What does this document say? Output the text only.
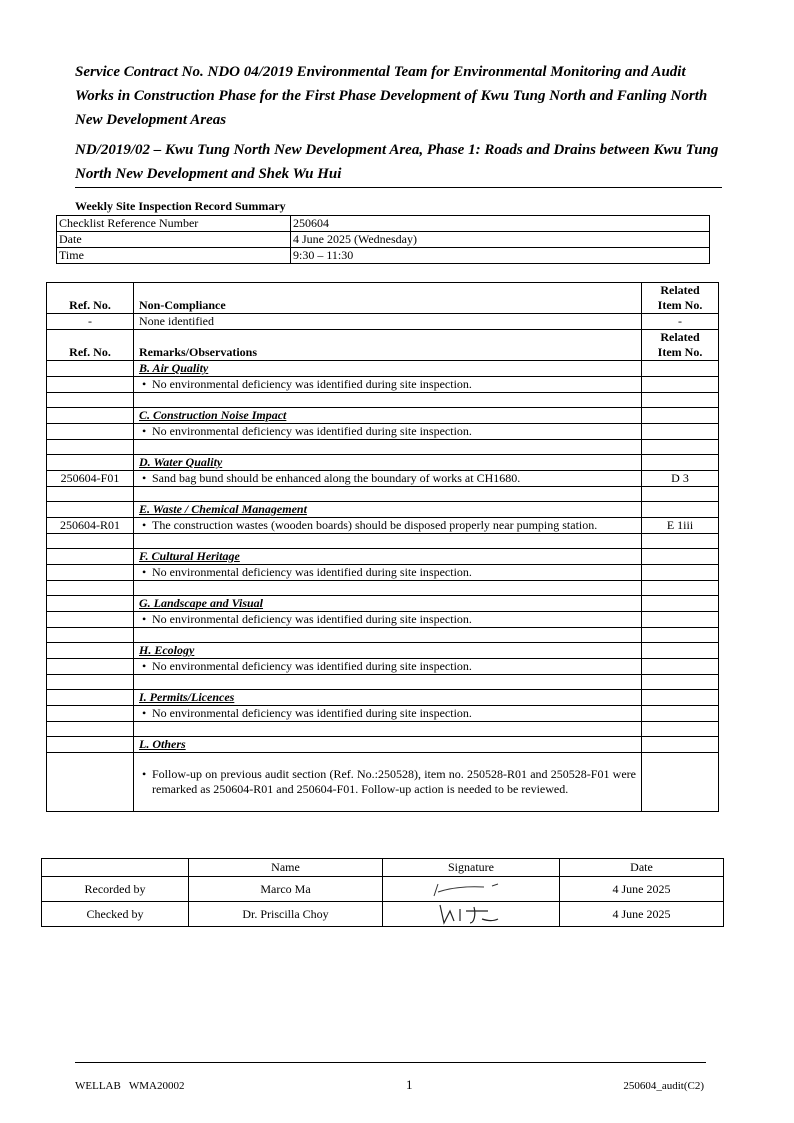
Service Contract No. NDO 04/2019 Environmental Team for Environmental Monitoring and Audit Works in Construction Phase for the First Phase Development of Kwu Tung North and Fanling North New Development Areas

ND/2019/02 – Kwu Tung North New Development Area, Phase 1: Roads and Drains between Kwu Tung North New Development and Shek Wu Hui

Weekly Site Inspection Record Summary
Checklist Reference Number	250604
Date	4 June 2025 (Wednesday)
Time	9:30 – 11:30
Ref. No.	Non-Compliance	Related
Item No.
-	None identified	-
Ref. No.	Remarks/Observations	Related
Item No.
	B. Air Quality	
	• No environmental deficiency was identified during site inspection.	

	C. Construction Noise Impact	
	• No environmental deficiency was identified during site inspection.	

	D. Water Quality	
250604-F01	• Sand bag bund should be enhanced along the boundary of works at CH1680.	D 3

	E. Waste / Chemical Management	
250604-R01	• The construction wastes (wooden boards) should be disposed properly near pumping station.	E 1iii

	F. Cultural Heritage	
	• No environmental deficiency was identified during site inspection.	

	G. Landscape and Visual	
	• No environmental deficiency was identified during site inspection.	

	H. Ecology	
	• No environmental deficiency was identified during site inspection.	

	I. Permits/Licences	
	• No environmental deficiency was identified during site inspection.	

	L. Others	

	• Follow-up on previous audit section (Ref. No.:250528), item no. 250528-R01 and 250528-F01 were remarked as 250604-R01 and 250604-F01. Follow-up action is needed to be reviewed.	

	Name	Signature	Date
Recorded by	Marco Ma		4 June 2025
Checked by	Dr. Priscilla Choy		4 June 2025
WELLAB   WMA20002	1	250604_audit(C2)
